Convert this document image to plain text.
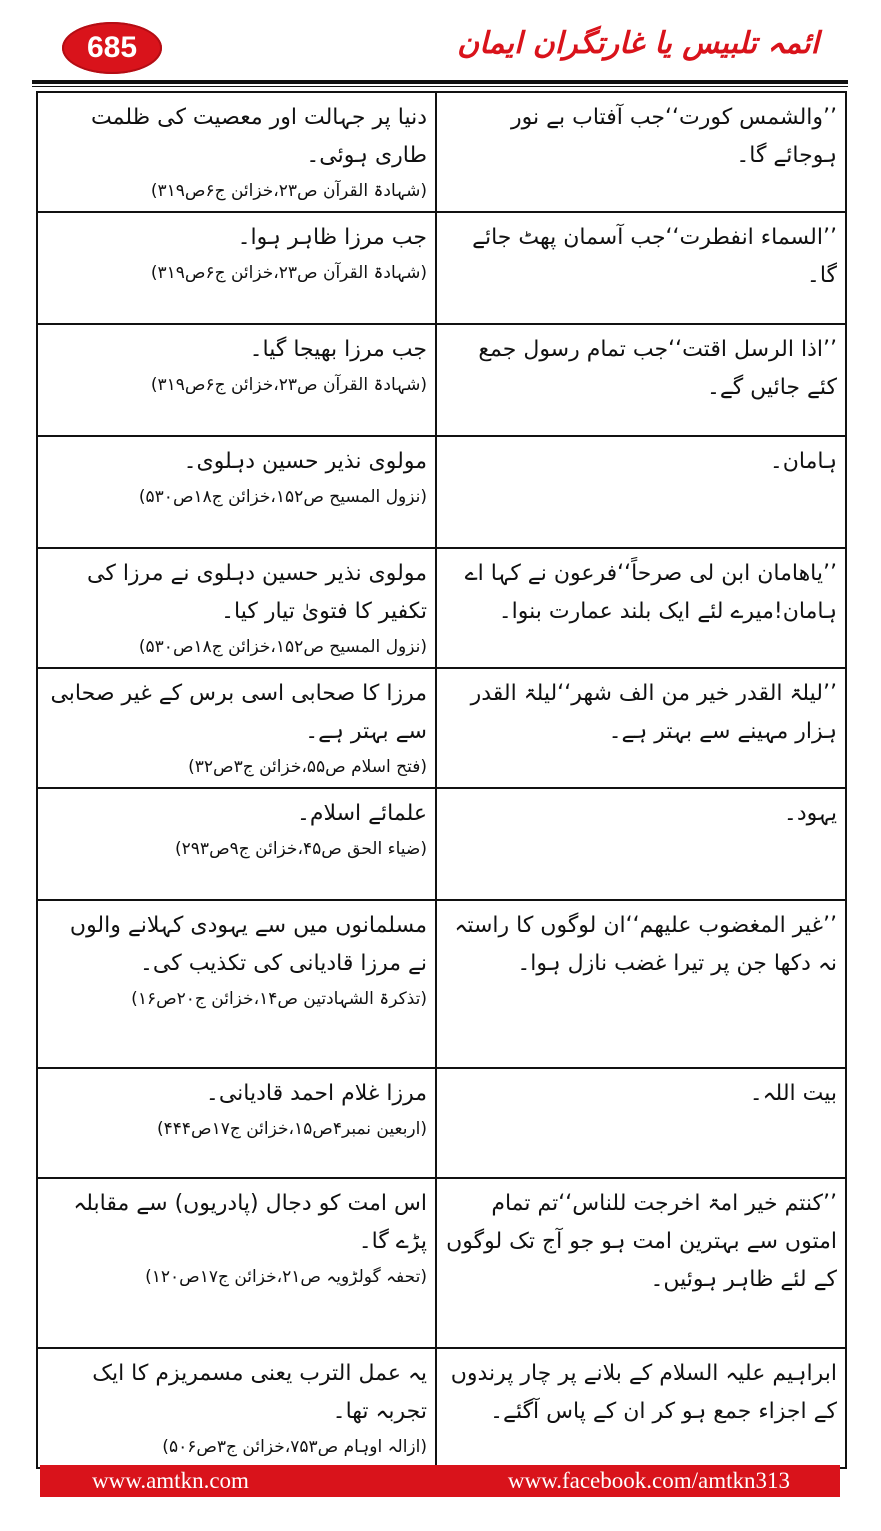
685	ائمہ تلبیس یا غارتگران ایمان
’’والشمس کورت‘‘جب آفتاب بے نور ہوجائے گا۔	دنیا پر جہالت اور معصیت کی ظلمت طاری ہوئی۔
(شہادۃ القرآن ص۲۳،خزائن ج۶ص۳۱۹)

’’السماء انفطرت‘‘جب آسمان پھٹ جائے گا۔	جب مرزا ظاہر ہوا۔
(شہادۃ القرآن ص۲۳،خزائن ج۶ص۳۱۹)

’’اذا الرسل اقتت‘‘جب تمام رسول جمع کئے جائیں گے۔	جب مرزا بھیجا گیا۔
(شہادۃ القرآن ص۲۳،خزائن ج۶ص۳۱۹)

ہامان۔	مولوی نذیر حسین دہلوی۔
(نزول المسیح ص۱۵۲،خزائن ج۱۸ص۵۳۰)

’’یاھامان ابن لی صرحاً‘‘فرعون نے کہا اے ہامان!میرے لئے ایک بلند عمارت بنوا۔	مولوی نذیر حسین دہلوی نے مرزا کی تکفیر کا فتویٰ تیار کیا۔
(نزول المسیح ص۱۵۲،خزائن ج۱۸ص۵۳۰)

’’لیلۃ القدر خیر من الف شھر‘‘لیلۃ القدر ہزار مہینے سے بہتر ہے۔	مرزا کا صحابی اسی برس کے غیر صحابی سے بہتر ہے۔
(فتح اسلام ص۵۵،خزائن ج۳ص۳۲)

یہود۔	علمائے اسلام۔
(ضیاء الحق ص۴۵،خزائن ج۹ص۲۹۳)

’’غیر المغضوب علیھم‘‘ان لوگوں کا راستہ نہ دکھا جن پر تیرا غضب نازل ہوا۔	مسلمانوں میں سے یہودی کہلانے والوں نے مرزا قادیانی کی تکذیب کی۔
(تذکرۃ الشہادتین ص۱۴،خزائن ج۲۰ص۱۶)

بیت اللہ۔	مرزا غلام احمد قادیانی۔
(اربعین نمبر۴ص۱۵،خزائن ج۱۷ص۴۴۴)

’’کنتم خیر امۃ اخرجت للناس‘‘تم تمام امتوں سے بہترین امت ہو جو آج تک لوگوں کے لئے ظاہر ہوئیں۔	اس امت کو دجال (پادریوں) سے مقابلہ پڑے گا۔
(تحفہ گولڑویہ ص۲۱،خزائن ج۱۷ص۱۲۰)

ابراہیم علیہ السلام کے بلانے پر چار پرندوں کے اجزاء جمع ہو کر ان کے پاس آگئے۔	یہ عمل الترب یعنی مسمریزم کا ایک تجربہ تھا۔
(ازالہ اوہام ص۷۵۳،خزائن ج۳ص۵۰۶)
www.amtkn.com	www.facebook.com/amtkn313
